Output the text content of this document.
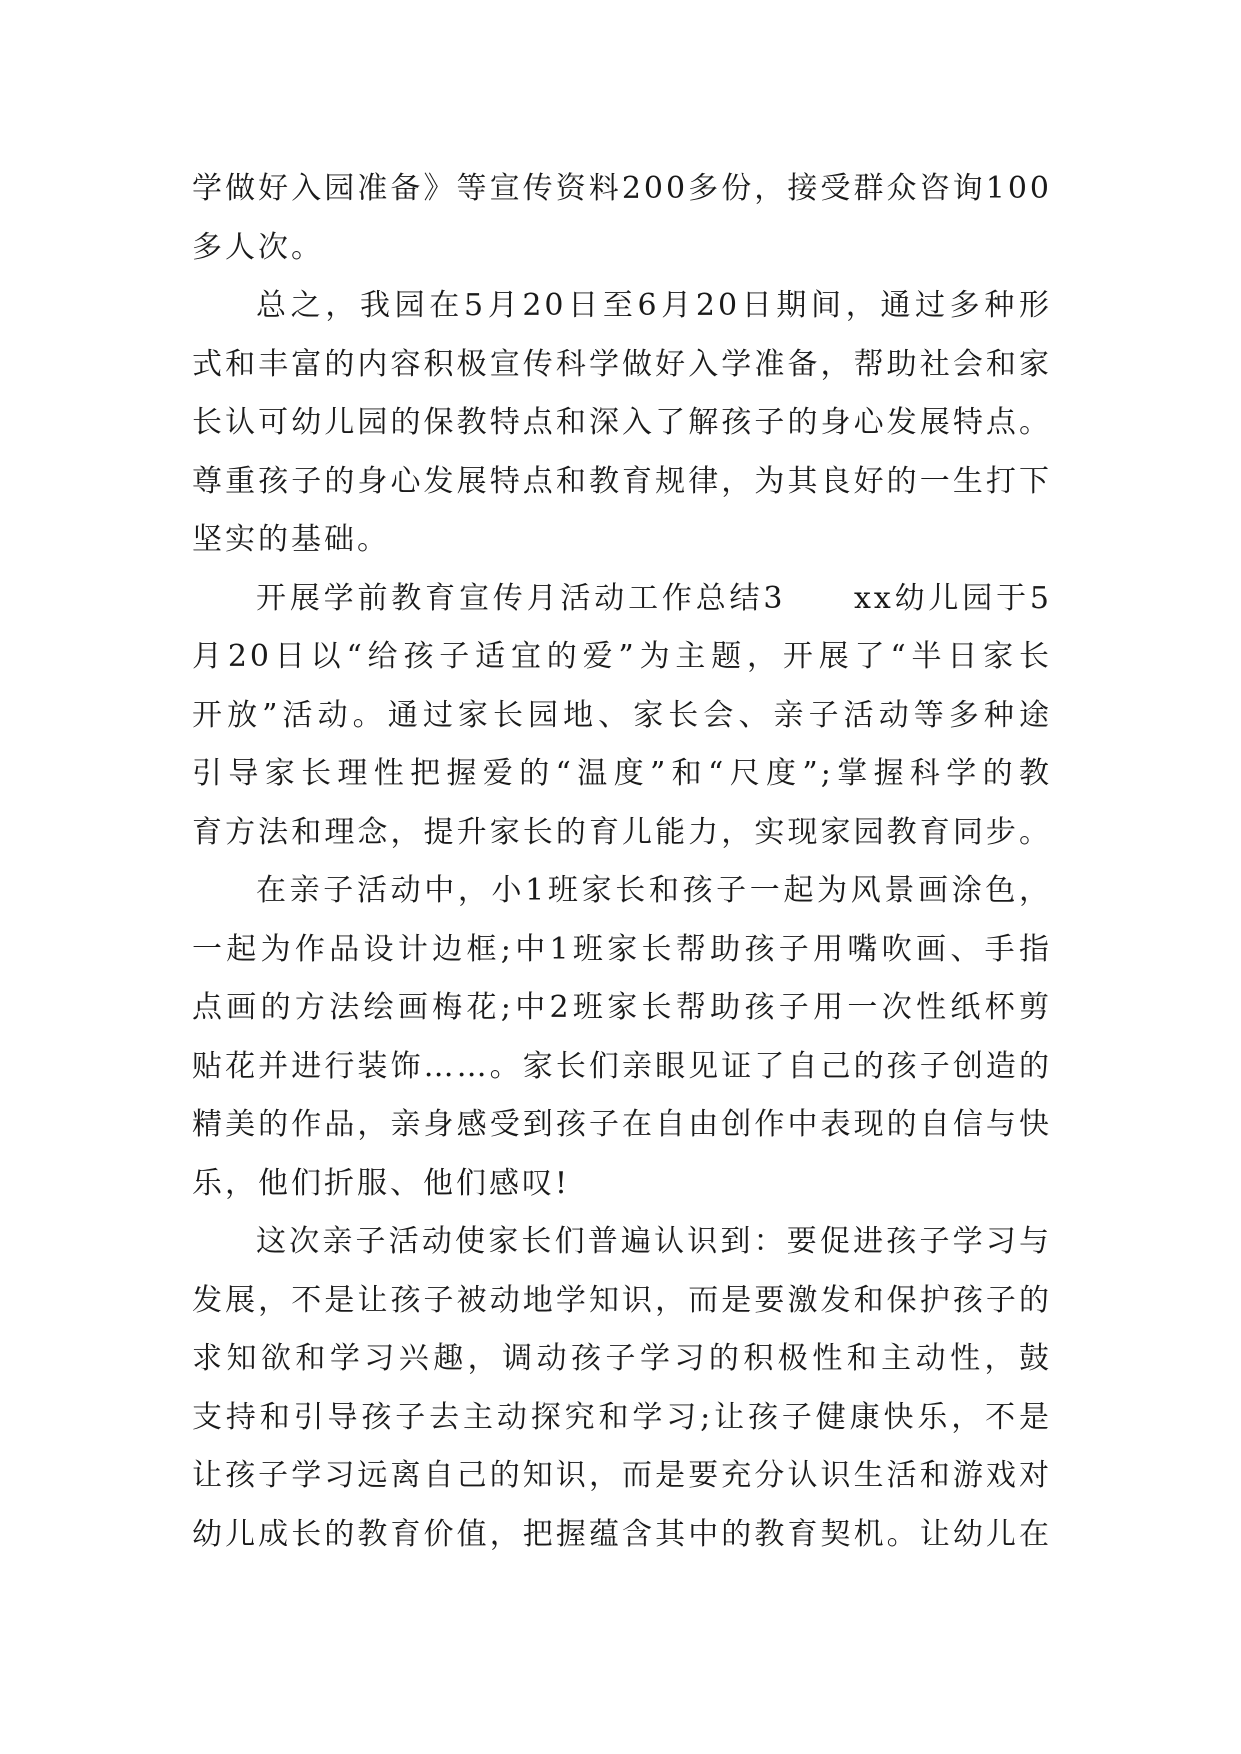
学做好入园准备》等宣传资料200多份，接受群众咨询100
多人次。
总之，我园在5月20日至6月20日期间，通过多种形
式和丰富的内容积极宣传科学做好入学准备，帮助社会和家
长认可幼儿园的保教特点和深入了解孩子的身心发展特点。
尊重孩子的身心发展特点和教育规律，为其良好的一生打下
坚实的基础。
开展学前教育宣传月活动工作总结3　　xx幼儿园于5
月20日以“给孩子适宜的爱”为主题，开展了“半日家长
开放”活动。通过家长园地、家长会、亲子活动等多种途
引导家长理性把握爱的“温度”和“尺度”;掌握科学的教
育方法和理念，提升家长的育儿能力，实现家园教育同步。
在亲子活动中，小1班家长和孩子一起为风景画涂色，
一起为作品设计边框;中1班家长帮助孩子用嘴吹画、手指
点画的方法绘画梅花;中2班家长帮助孩子用一次性纸杯剪
贴花并进行装饰……。家长们亲眼见证了自己的孩子创造的
精美的作品，亲身感受到孩子在自由创作中表现的自信与快
乐，他们折服、他们感叹!
这次亲子活动使家长们普遍认识到：要促进孩子学习与
发展，不是让孩子被动地学知识，而是要激发和保护孩子的
求知欲和学习兴趣，调动孩子学习的积极性和主动性，鼓
支持和引导孩子去主动探究和学习;让孩子健康快乐，不是
让孩子学习远离自己的知识，而是要充分认识生活和游戏对
幼儿成长的教育价值，把握蕴含其中的教育契机。让幼儿在
